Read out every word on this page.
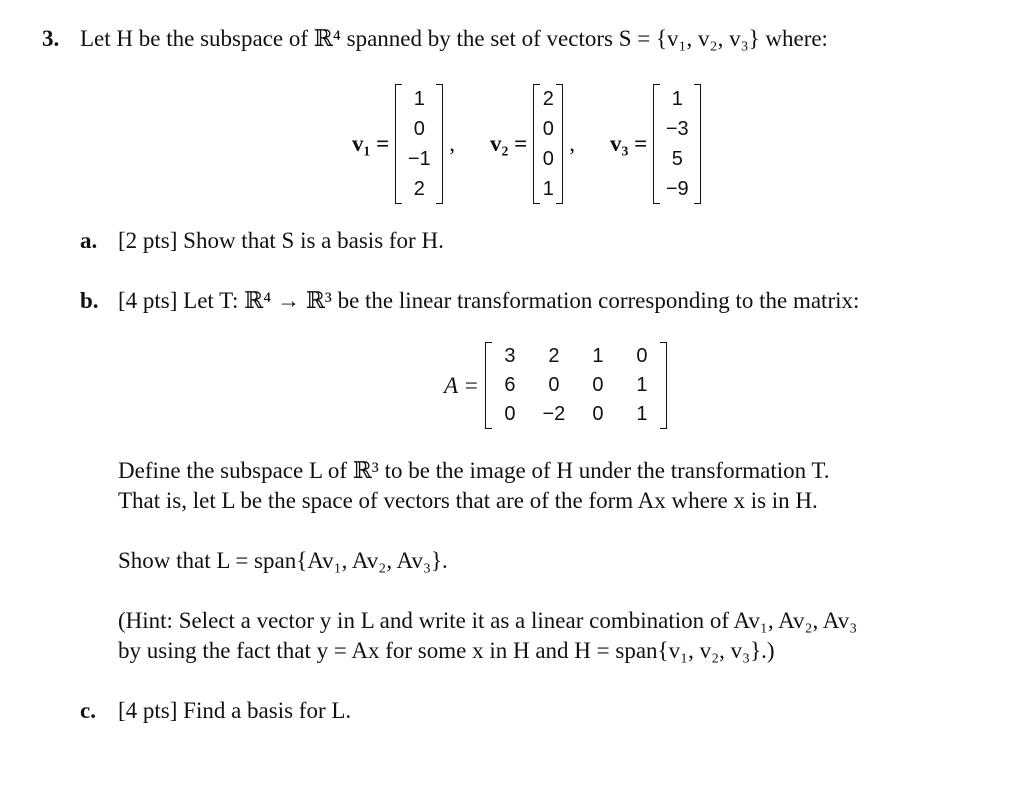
3. Let H be the subspace of ℝ⁴ spanned by the set of vectors S = {v₁, v₂, v₃} where:
v₁ =
1
0
−1
2
, v₂ =
2
0
0
1
, v₃ =
1
−3
5
−9
a. [2 pts] Show that S is a basis for H.
b. [4 pts] Let T: ℝ⁴ → ℝ³ be the linear transformation corresponding to the matrix:
A =
3	2	1	0
6	0	0	1
0	−2	0	1
Define the subspace L of ℝ³ to be the image of H under the transformation T.
That is, let L be the space of vectors that are of the form Ax where x is in H.
Show that L = span{Av₁, Av₂, Av₃}.
(Hint: Select a vector y in L and write it as a linear combination of Av₁, Av₂, Av₃
by using the fact that y = Ax for some x in H and H = span{v₁, v₂, v₃}.)
c. [4 pts] Find a basis for L.
